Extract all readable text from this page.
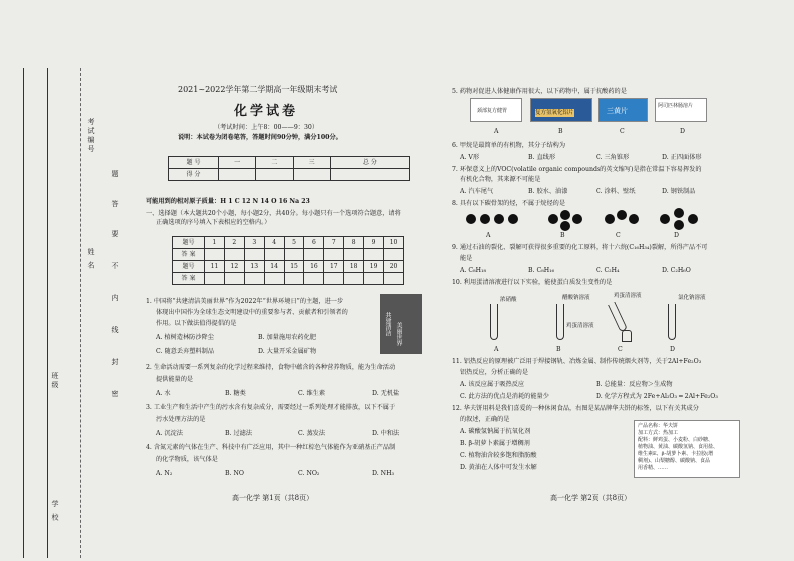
考试编号
姓 名
班级
学 校
题
答
要
不
内
线
封
密
2021~2022学年第二学期高一年级期末考试
化学试卷
（考试时间：上午8：00——9：30）
说明：本试卷为闭卷笔答，答题时间90分钟，满分100分。
题 号	一	二	三	总 分
得 分				
可能用到的相对原子质量：H 1 C 12 N 14 O 16 Na 23
一、选择题（本大题共20个小题，每小题2分，共40分。每小题只有一个选项符合题意，请将
正确选项的序号填入下表相应的空格内。）
题号	1	2	3	4	5	6	7	8	9	10
答 案										
题号	11	12	13	14	15	16	17	18	19	20
答 案										
1. 中国将“共建清洁美丽世界”作为2022年“世界环境日”的主题，进一步
体现出中国作为全球生态文明建设中的重要参与者、贡献者和引领者的
作用。以下做法值得提倡的是
A. 植树造林防沙降尘	B. 加量施用农药化肥
C. 随意丢弃塑料制品	D. 大量开采金属矿物
共建清洁 美丽世界
2. 生命活动需要一系列复杂的化学过程来维持，食物中蕴含的各种营养物质，能为生命活动
提供能量的是
A. 水	B. 糖类	C. 维生素	D. 无机盐
3. 工业生产和生活中产生的污水含有复杂成分，需要经过一系列处理才能排放，以下不属于
污水处理方法的是
A. 沉淀法	B. 过滤法	C. 蒸发法	D. 中和法
4. 含氮元素的气体在生产、科技中有广泛应用，其中一种红棕色气体能作为亚硝基正产品制
的化学物质，该气体是
A. N₂	B. NO	C. NO₂	D. NH₃
高一化学 第1页（共8页）
5. 药物对促进人体健康作用很大，以下药物中，属于抗酸药的是
颈部复方健胃	复方氢氧化铝片	三黄片
阿司匹林肠溶片
A	B	C	D
6. 甲烷是最简单的有机物，其分子结构为
A. V形	B. 直线形	C. 三角锥形	D. 正四面体形
7. 环保意义上的VOC(volatile organic compounds的英文缩写)是指在常温下容易挥发的
有机化合物，其来源不可能是
A. 汽车尾气	B. 胶水、油漆	C. 涂料、壁纸	D. 钢铁制品
8. 具有以下碳骨架的烃，不属于烷烃的是
A	B	C	D
9. 通过石油的裂化、裂解可获得很多重要的化工原料，将十六烷(C₁₆H₃₄)裂解，所得产品不可
能是
A. C₈H₁₈	B. C₈H₁₆	C. C₂H₄	D. C₂H₆O
10. 利用蛋清溶液进行以下实验，能使蛋白质发生变性的是
浓硝酸	醋酸钠溶液
鸡蛋清溶液
鸡蛋清溶液	氯化钠溶液
A	B	C	D
11. 铝热反应的原理被广泛用于焊接钢轨、冶炼金属、制作传统烟火剂等，关于2Al+Fe₂O₃
铝热反应，分析正确的是
A. 该反应属于吸热反应	B. 总能量：反应物＞生成物
C. 此方法的优点是消耗的能量少	D. 化学方程式为 2Fe+Al₂O₃ ═ 2Al+Fe₂O₃
12. 华夫饼用料是我们喜爱的一种休闲食品，右图是某品牌华夫饼的标签，以下有关其成分
的叙述，正确的是
A. 碳酸氢钠属于抗氧化剂
B. β-胡萝卜素属于增稠剂
C. 植物油含较多饱和脂肪酸
D. 黄油在人体中可发生水解
产品名称：华夫饼
加工方式：热加工
配料：鲜鸡蛋、小麦粉、白砂糖、
植物油、黄油、碳酸氢钠、食用盐、
维生素E、β-胡萝卜素、卡拉胶(增
稠剂)、山梨糖醇、碳酸钠、食品
用香精、……
高一化学 第2页（共8页）
